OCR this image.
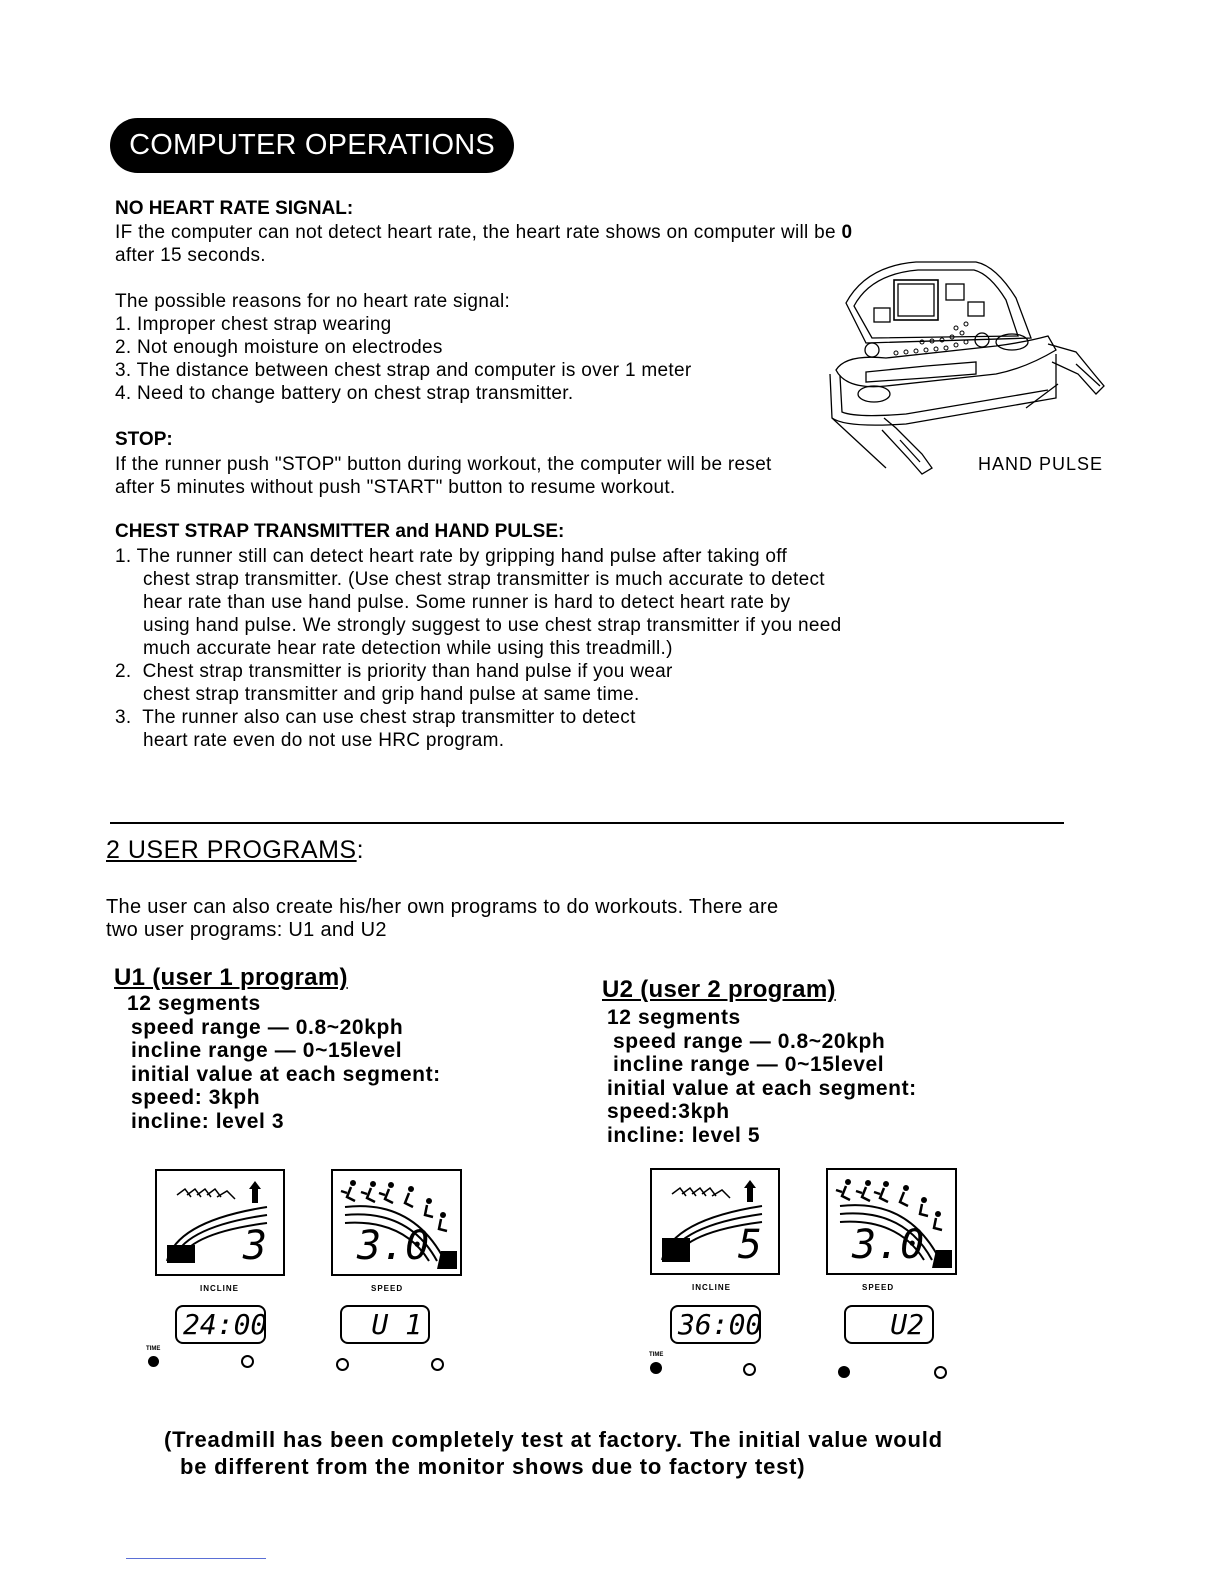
COMPUTER OPERATIONS
NO HEART RATE SIGNAL:
IF the computer can not detect heart rate, the heart rate shows on computer will be 0
after 15 seconds.
The possible reasons for no heart rate signal:
1. Improper chest strap wearing
2. Not enough moisture on electrodes
3. The distance between chest strap and computer is over 1 meter
4. Need to change battery on chest strap transmitter.
STOP:
If the runner push "STOP" button during workout, the computer will be reset
after 5 minutes without push "START" button to resume workout.
CHEST STRAP TRANSMITTER and HAND PULSE:
1. The runner still can detect heart rate by gripping hand pulse after taking off
chest strap transmitter. (Use chest strap transmitter is much accurate to detect
hear rate than use hand pulse. Some runner is hard to detect heart rate by
using hand pulse. We strongly suggest to use chest strap transmitter if you need
much accurate hear rate detection while using this treadmill.)
2.  Chest strap transmitter is priority than hand pulse if you wear
chest strap transmitter and grip hand pulse at same time.
3.  The runner also can use chest strap transmitter to detect
heart rate even do not use HRC program.
HAND PULSE
2 USER PROGRAMS:
The user can also create his/her own programs to do workouts. There are
two user programs: U1 and U2
U1 (user 1 program)
12 segments
speed range — 0.8~20kph
incline range — 0~15level
initial value at each segment:
speed: 3kph
incline: level 3
U2 (user 2 program)
12 segments
speed range — 0.8~20kph
incline range — 0~15level
initial value at each segment:
speed:3kph
incline: level 5
3
INCLINE
3.0
SPEED
24:00	U 1
TIME
5
INCLINE
3.0
SPEED
36:00	U2
TIME
(Treadmill has been completely test at factory. The initial value would
be different from the monitor shows due to factory test)
